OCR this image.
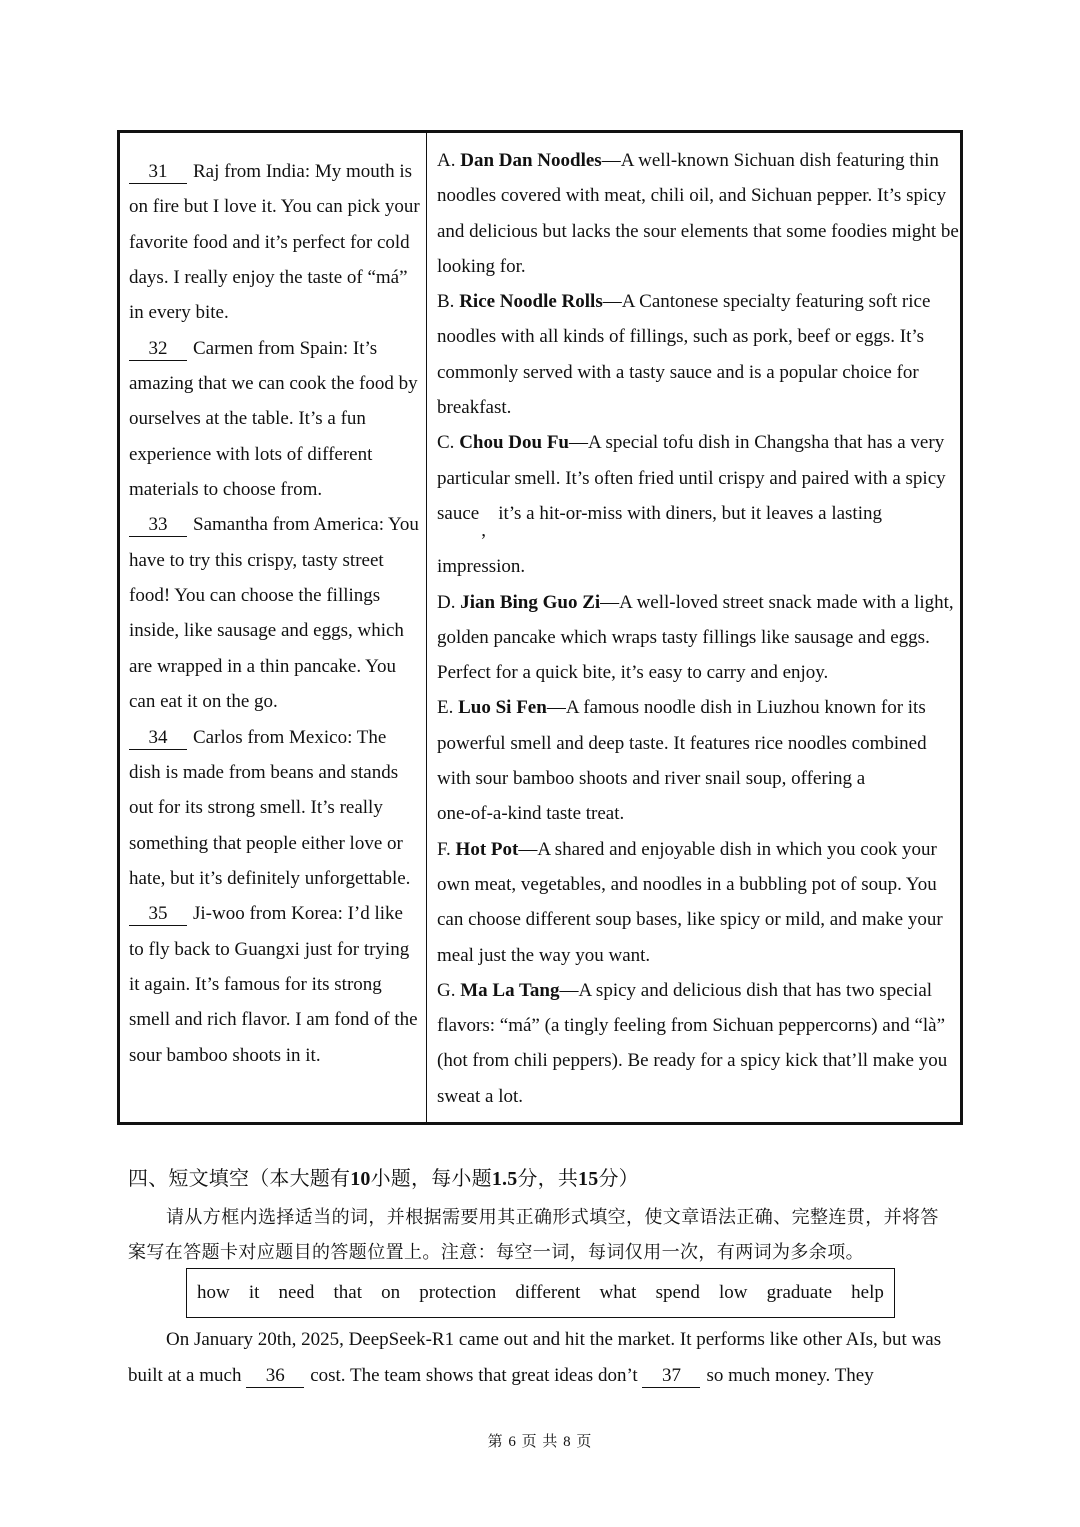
31 Raj from India: My mouth is on fire but I love it. You can pick your favorite food and it’s perfect for cold days. I really enjoy the taste of “má” in every bite.

32 Carmen from Spain: It’s amazing that we can cook the food by ourselves at the table. It’s a fun experience with lots of different materials to choose from.

33 Samantha from America: You have to try this crispy, tasty street food! You can choose the fillings inside, like sausage and eggs, which are wrapped in a thin pancake. You can eat it on the go.

34 Carlos from Mexico: The dish is made from beans and stands out for its strong smell. It’s really something that people either love or hate, but it’s definitely unforgettable.

35 Ji-woo from Korea: I’d like to fly back to Guangxi just for trying it again. It’s famous for its strong smell and rich flavor. I am fond of the sour bamboo shoots in it.

A. Dan Dan Noodles—A well-known Sichuan dish featuring thin noodles covered with meat, chili oil, and Sichuan pepper. It’s spicy and delicious but lacks the sour elements that some foodies might be looking for.

B. Rice Noodle Rolls—A Cantonese specialty featuring soft rice noodles with all kinds of fillings, such as pork, beef or eggs. It’s commonly served with a tasty sauce and is a popular choice for breakfast.

C. Chou Dou Fu—A special tofu dish in Changsha that has a very particular smell. It’s often fried until crispy and paired with a spicy sauce
,
it’s a hit-or-miss with diners, but it leaves a lasting

impression.

D. Jian Bing Guo Zi—A well-loved street snack made with a light, golden pancake which wraps tasty fillings like sausage and eggs. Perfect for a quick bite, it’s easy to carry and enjoy.

E. Luo Si Fen—A famous noodle dish in Liuzhou known for its powerful smell and deep taste. It features rice noodles combined with sour bamboo shoots and river snail soup, offering a

one-of-a-kind taste treat.

F. Hot Pot—A shared and enjoyable dish in which you cook your own meat, vegetables, and noodles in a bubbling pot of soup. You can choose different soup bases, like spicy or mild, and make your meal just the way you want.

G. Ma La Tang—A spicy and delicious dish that has two special flavors: “má” (a tingly feeling from Sichuan peppercorns) and “là” (hot from chili peppers). Be ready for a spicy kick that’ll make you sweat a lot.

四、短文填空（本大题有10小题，每小题1.5分，共15分）
请从方框内选择适当的词，并根据需要用其正确形式填空，使文章语法正确、完整连贯，并将答案写在答题卡对应题目的答题位置上。注意：每空一词，每词仅用一次，有两词为多余项。
how it need that on protection different what spend low graduate help
On January 20th, 2025, DeepSeek-R1 came out and hit the market. It performs like other AIs, but was built at a much 36 cost. The team shows that great ideas don’t 37 so much money. They
第 6 页 共 8 页
